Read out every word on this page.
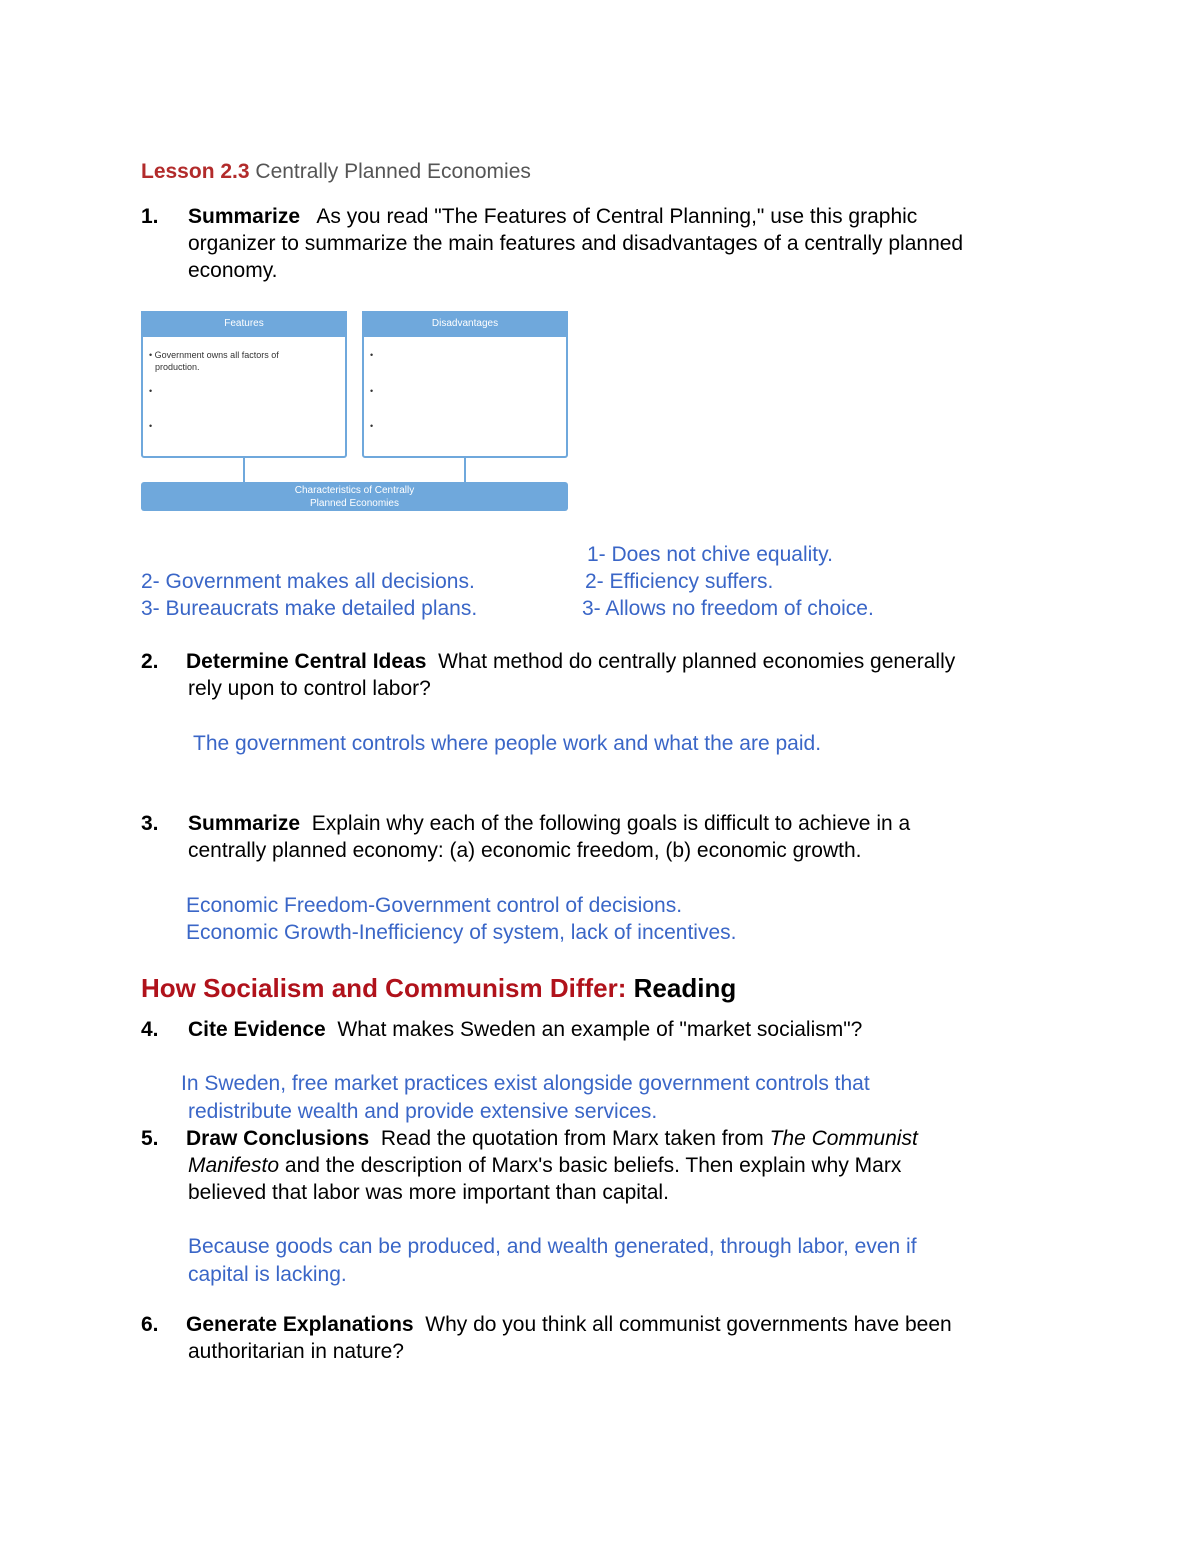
Lesson 2.3 Centrally Planned Economies
1. Summarize As you read "The Features of Central Planning," use this graphic
organizer to summarize the main features and disadvantages of a centrally planned
economy.
Features
• Government owns all factors of
production.
•
•
Disadvantages
•
•
•
Characteristics of Centrally
Planned Economies
1- Does not chive equality.
2- Government makes all decisions.	2- Efficiency suffers.
3- Bureaucrats make detailed plans.	3- Allows no freedom of choice.
2. Determine Central Ideas What method do centrally planned economies generally
rely upon to control labor?
The government controls where people work and what the are paid.
3. Summarize Explain why each of the following goals is difficult to achieve in a
centrally planned economy: (a) economic freedom, (b) economic growth.
Economic Freedom-Government control of decisions.
Economic Growth-Inefficiency of system, lack of incentives.
How Socialism and Communism Differ: Reading
4. Cite Evidence What makes Sweden an example of "market socialism"?
In Sweden, free market practices exist alongside government controls that
redistribute wealth and provide extensive services.
5. Draw Conclusions Read the quotation from Marx taken from The Communist
Manifesto and the description of Marx's basic beliefs. Then explain why Marx
believed that labor was more important than capital.
Because goods can be produced, and wealth generated, through labor, even if
capital is lacking.
6. Generate Explanations Why do you think all communist governments have been
authoritarian in nature?
